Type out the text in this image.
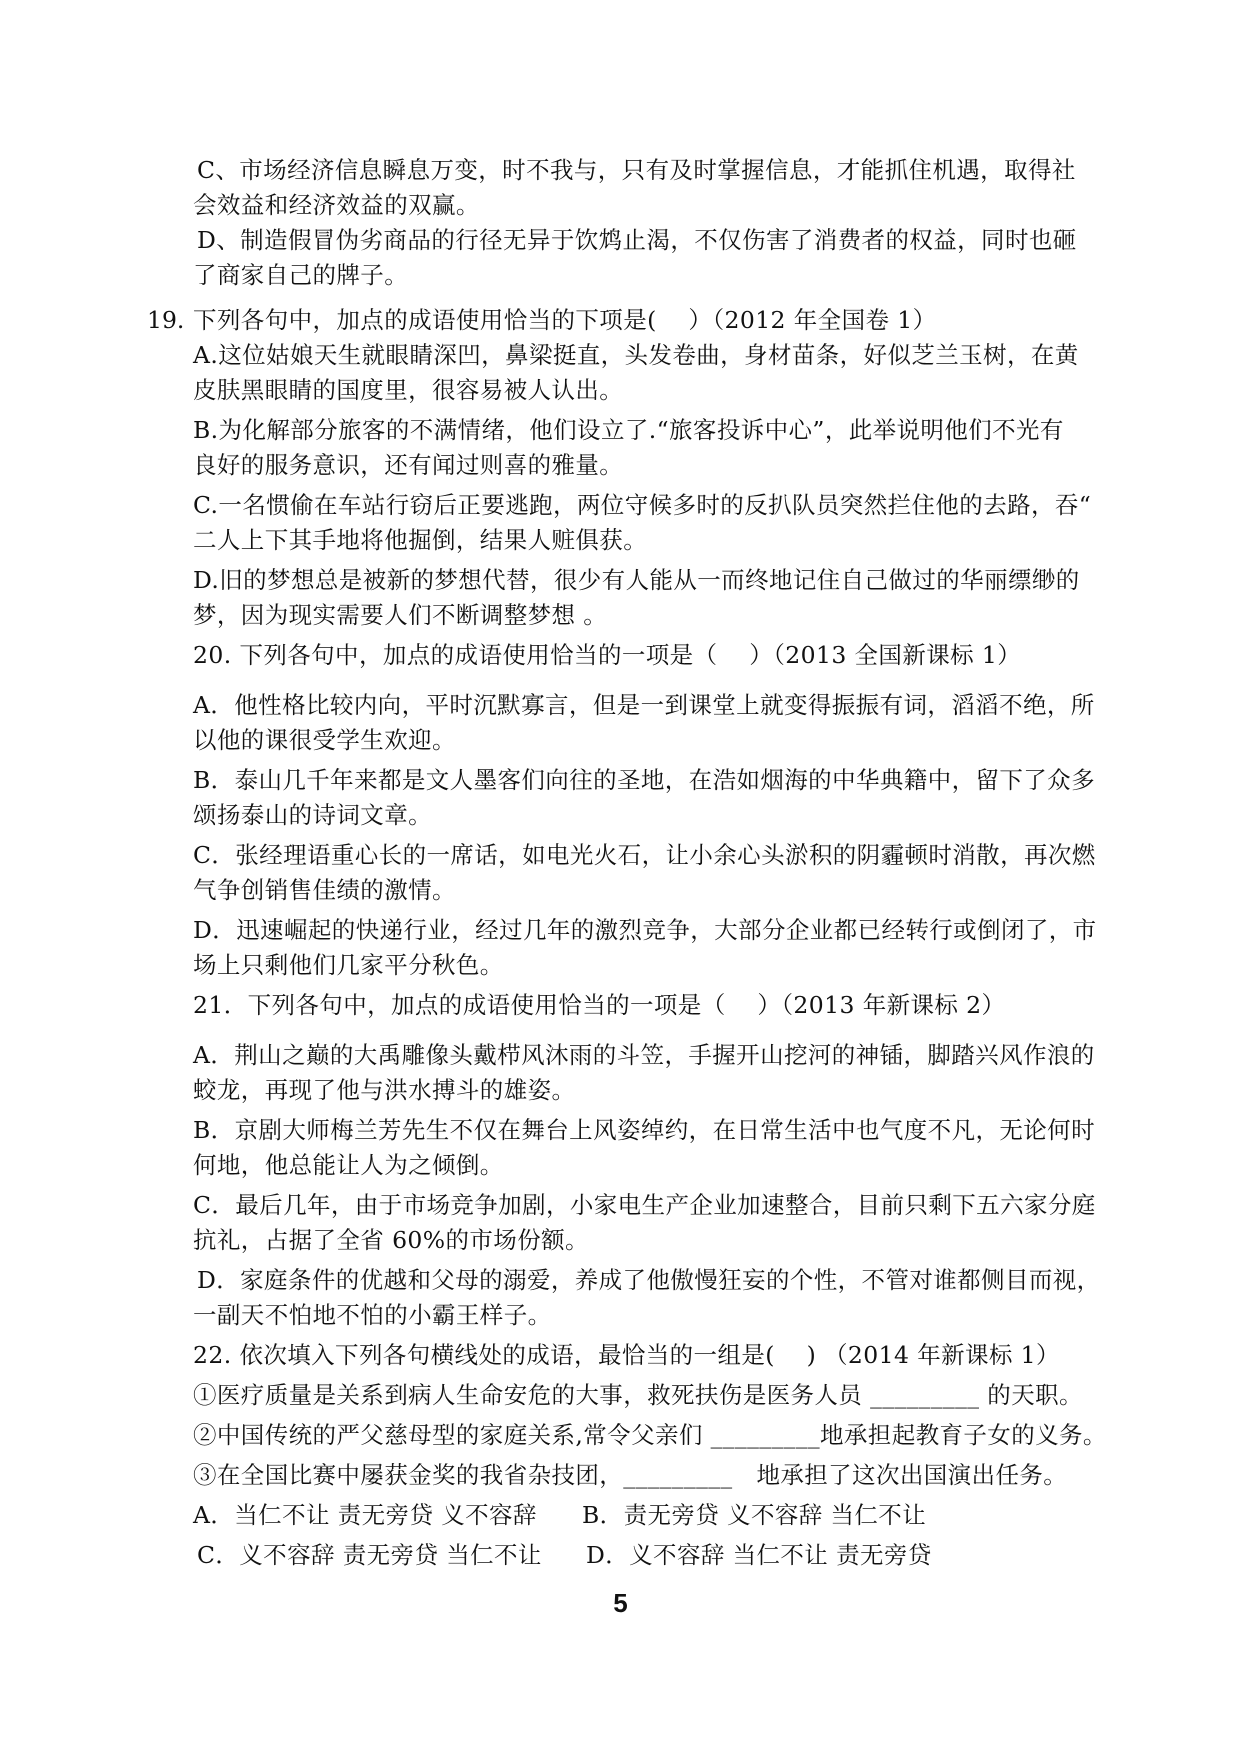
C、市场经济信息瞬息万变，时不我与，只有及时掌握信息，才能抓住机遇，取得社
会效益和经济效益的双赢。
D、制造假冒伪劣商品的行径无异于饮鸩止渴，不仅伤害了消费者的权益，同时也砸
了商家自己的牌子。
19. 下列各句中，加点的成语使用恰当的下项是(　 ）（2012 年全国卷 1）
A.这位姑娘天生就眼睛深凹，鼻梁挺直，头发卷曲，身材苗条，好似芝兰玉树，在黄
皮肤黑眼睛的国度里，很容易被人认出。
B.为化解部分旅客的不满情绪，他们设立了.“旅客投诉中心”，此举说明他们不光有
良好的服务意识，还有闻过则喜的雅量。
C.一名惯偷在车站行窃后正要逃跑，两位守候多时的反扒队员突然拦住他的去路，吞“
二人上下其手地将他掘倒，结果人赃俱获。
D.旧的梦想总是被新的梦想代替，很少有人能从一而终地记住自己做过的华丽缥缈的
梦，因为现实需要人们不断调整梦想 。
20. 下列各句中，加点的成语使用恰当的一项是（　 ）（2013 全国新课标 1）
A．他性格比较内向，平时沉默寡言，但是一到课堂上就变得振振有词，滔滔不绝，所
以他的课很受学生欢迎。
B．泰山几千年来都是文人墨客们向往的圣地，在浩如烟海的中华典籍中，留下了众多
颂扬泰山的诗词文章。
C．张经理语重心长的一席话，如电光火石，让小余心头淤积的阴霾顿时消散，再次燃
气争创销售佳绩的激情。
D．迅速崛起的快递行业，经过几年的激烈竞争，大部分企业都已经转行或倒闭了，市
场上只剩他们几家平分秋色。
21．下列各句中，加点的成语使用恰当的一项是（　 ）（2013 年新课标 2）
A．荆山之巅的大禹雕像头戴栉风沐雨的斗笠，手握开山挖河的神锸，脚踏兴风作浪的
蛟龙，再现了他与洪水搏斗的雄姿。
B．京剧大师梅兰芳先生不仅在舞台上风姿绰约，在日常生活中也气度不凡，无论何时
何地，他总能让人为之倾倒。
C．最后几年，由于市场竞争加剧，小家电生产企业加速整合，目前只剩下五六家分庭
抗礼，占据了全省 60%的市场份额。
D．家庭条件的优越和父母的溺爱，养成了他傲慢狂妄的个性，不管对谁都侧目而视，
一副天不怕地不怕的小霸王样子。
22. 依次填入下列各句横线处的成语，最恰当的一组是(　 ) （2014 年新课标 1）
①医疗质量是关系到病人生命安危的大事，救死扶伤是医务人员 _________ 的天职。
②中国传统的严父慈母型的家庭关系,常令父亲们 _________地承担起教育子女的义务。
③在全国比赛中屡获金奖的我省杂技团，_________　地承担了这次出国演出任务。
A．当仁不让 责无旁贷 义不容辞 B．责无旁贷 义不容辞 当仁不让
C．义不容辞 责无旁贷 当仁不让 D．义不容辞 当仁不让 责无旁贷
5
